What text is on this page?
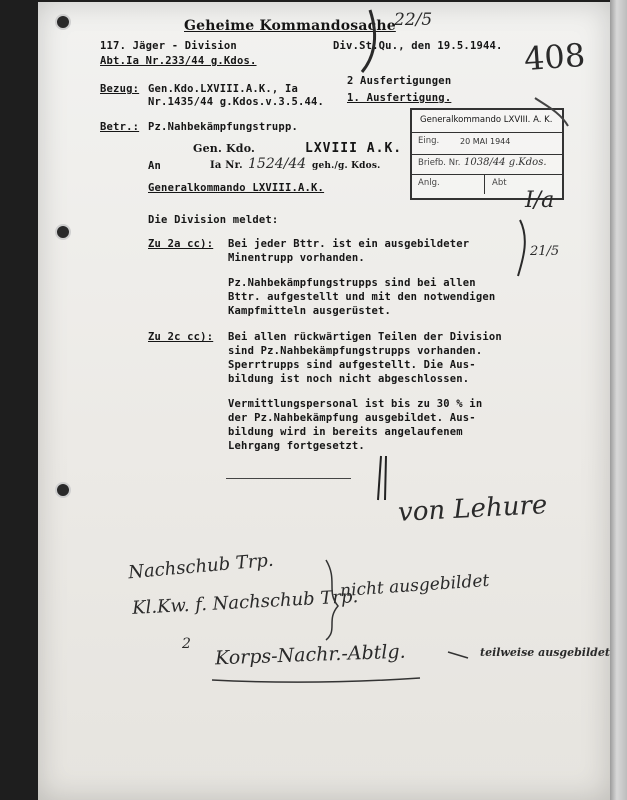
Geheime Kommandosache
117. Jäger - Division
Abt.Ia Nr.233/44 g.Kdos.
Div.St.Qu., den 19.5.1944.
Bezug: Gen.Kdo.LXVIII.A.K., Ia
Nr.1435/44 g.Kdos.v.3.5.44.
2 Ausfertigungen
1. Ausfertigung.
Betr.: Pz.Nahbekämpfungstrupp.
Gen. Kdo.	LXVIII A.K.
An	Ia Nr. 1524/44 geh./g. Kdos.
Generalkommando LXVIII.A.K.
Generalkommando LXVIII. A. K.
Eing.	20 MAI 1944
Briefb. Nr. 1038/44 g.Kdos.
Anlg.	Abt
Die Division meldet:
Zu 2a cc): Bei jeder Bttr. ist ein ausgebildeter
Minentrupp vorhanden.
Pz.Nahbekämpfungstrupps sind bei allen
Bttr. aufgestellt und mit den notwendigen
Kampfmitteln ausgerüstet.
Zu 2c cc): Bei allen rückwärtigen Teilen der Division
sind Pz.Nahbekämpfungstrupps vorhanden.
Sperrtrupps sind aufgestellt. Die Aus-
bildung ist noch nicht abgeschlossen.
Vermittlungspersonal ist bis zu 30 % in
der Pz.Nahbekämpfung ausgebildet. Aus-
bildung wird in bereits angelaufenem
Lehrgang fortgesetzt.
22/5
408
I/a
21/5
von Lehure
Nachschub Trp.
Kl.Kw. f. Nachschub Trp.
nicht ausgebildet
2 Korps-Nachr.-Abtlg.	teilweise ausgebildet
